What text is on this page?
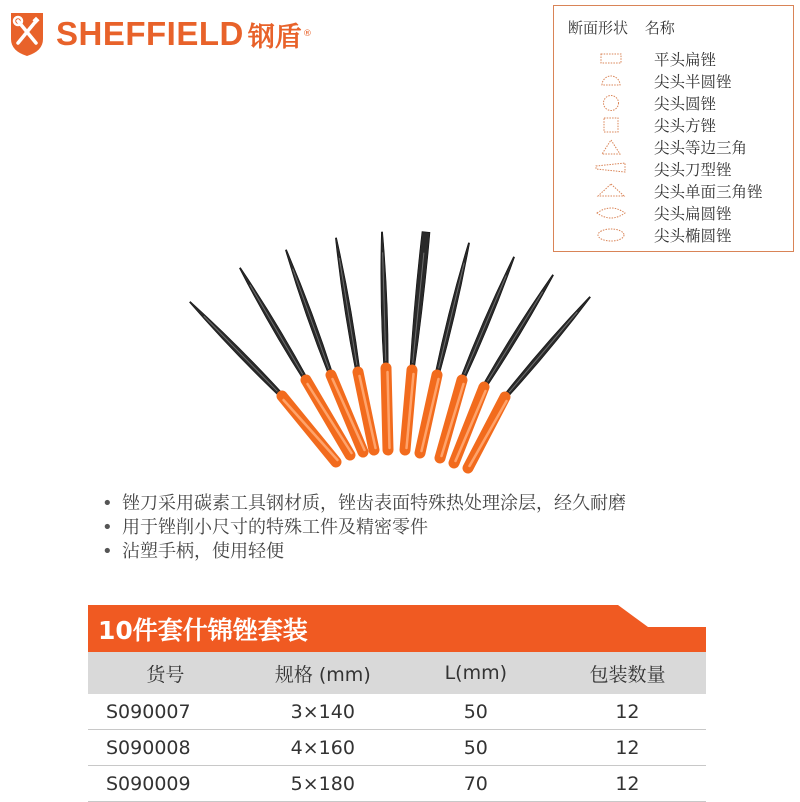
SHEFFIELD 钢盾 ®	断面形状 名称
平头扁锉
尖头半圆锉
尖头圆锉
尖头方锉
尖头等边三角
尖头刀型锉
尖头单面三角锉
尖头扁圆锉
尖头椭圆锉
• 锉刀采用碳素工具钢材质，锉齿表面特殊热处理涂层，经久耐磨
• 用于锉削小尺寸的特殊工件及精密零件
• 沾塑手柄，使用轻便
10件套什锦锉套装
货号	规格 (mm)	L(mm)	包装数量
S090007	3×140	50	12
S090008	4×160	50	12
S090009	5×180	70	12
